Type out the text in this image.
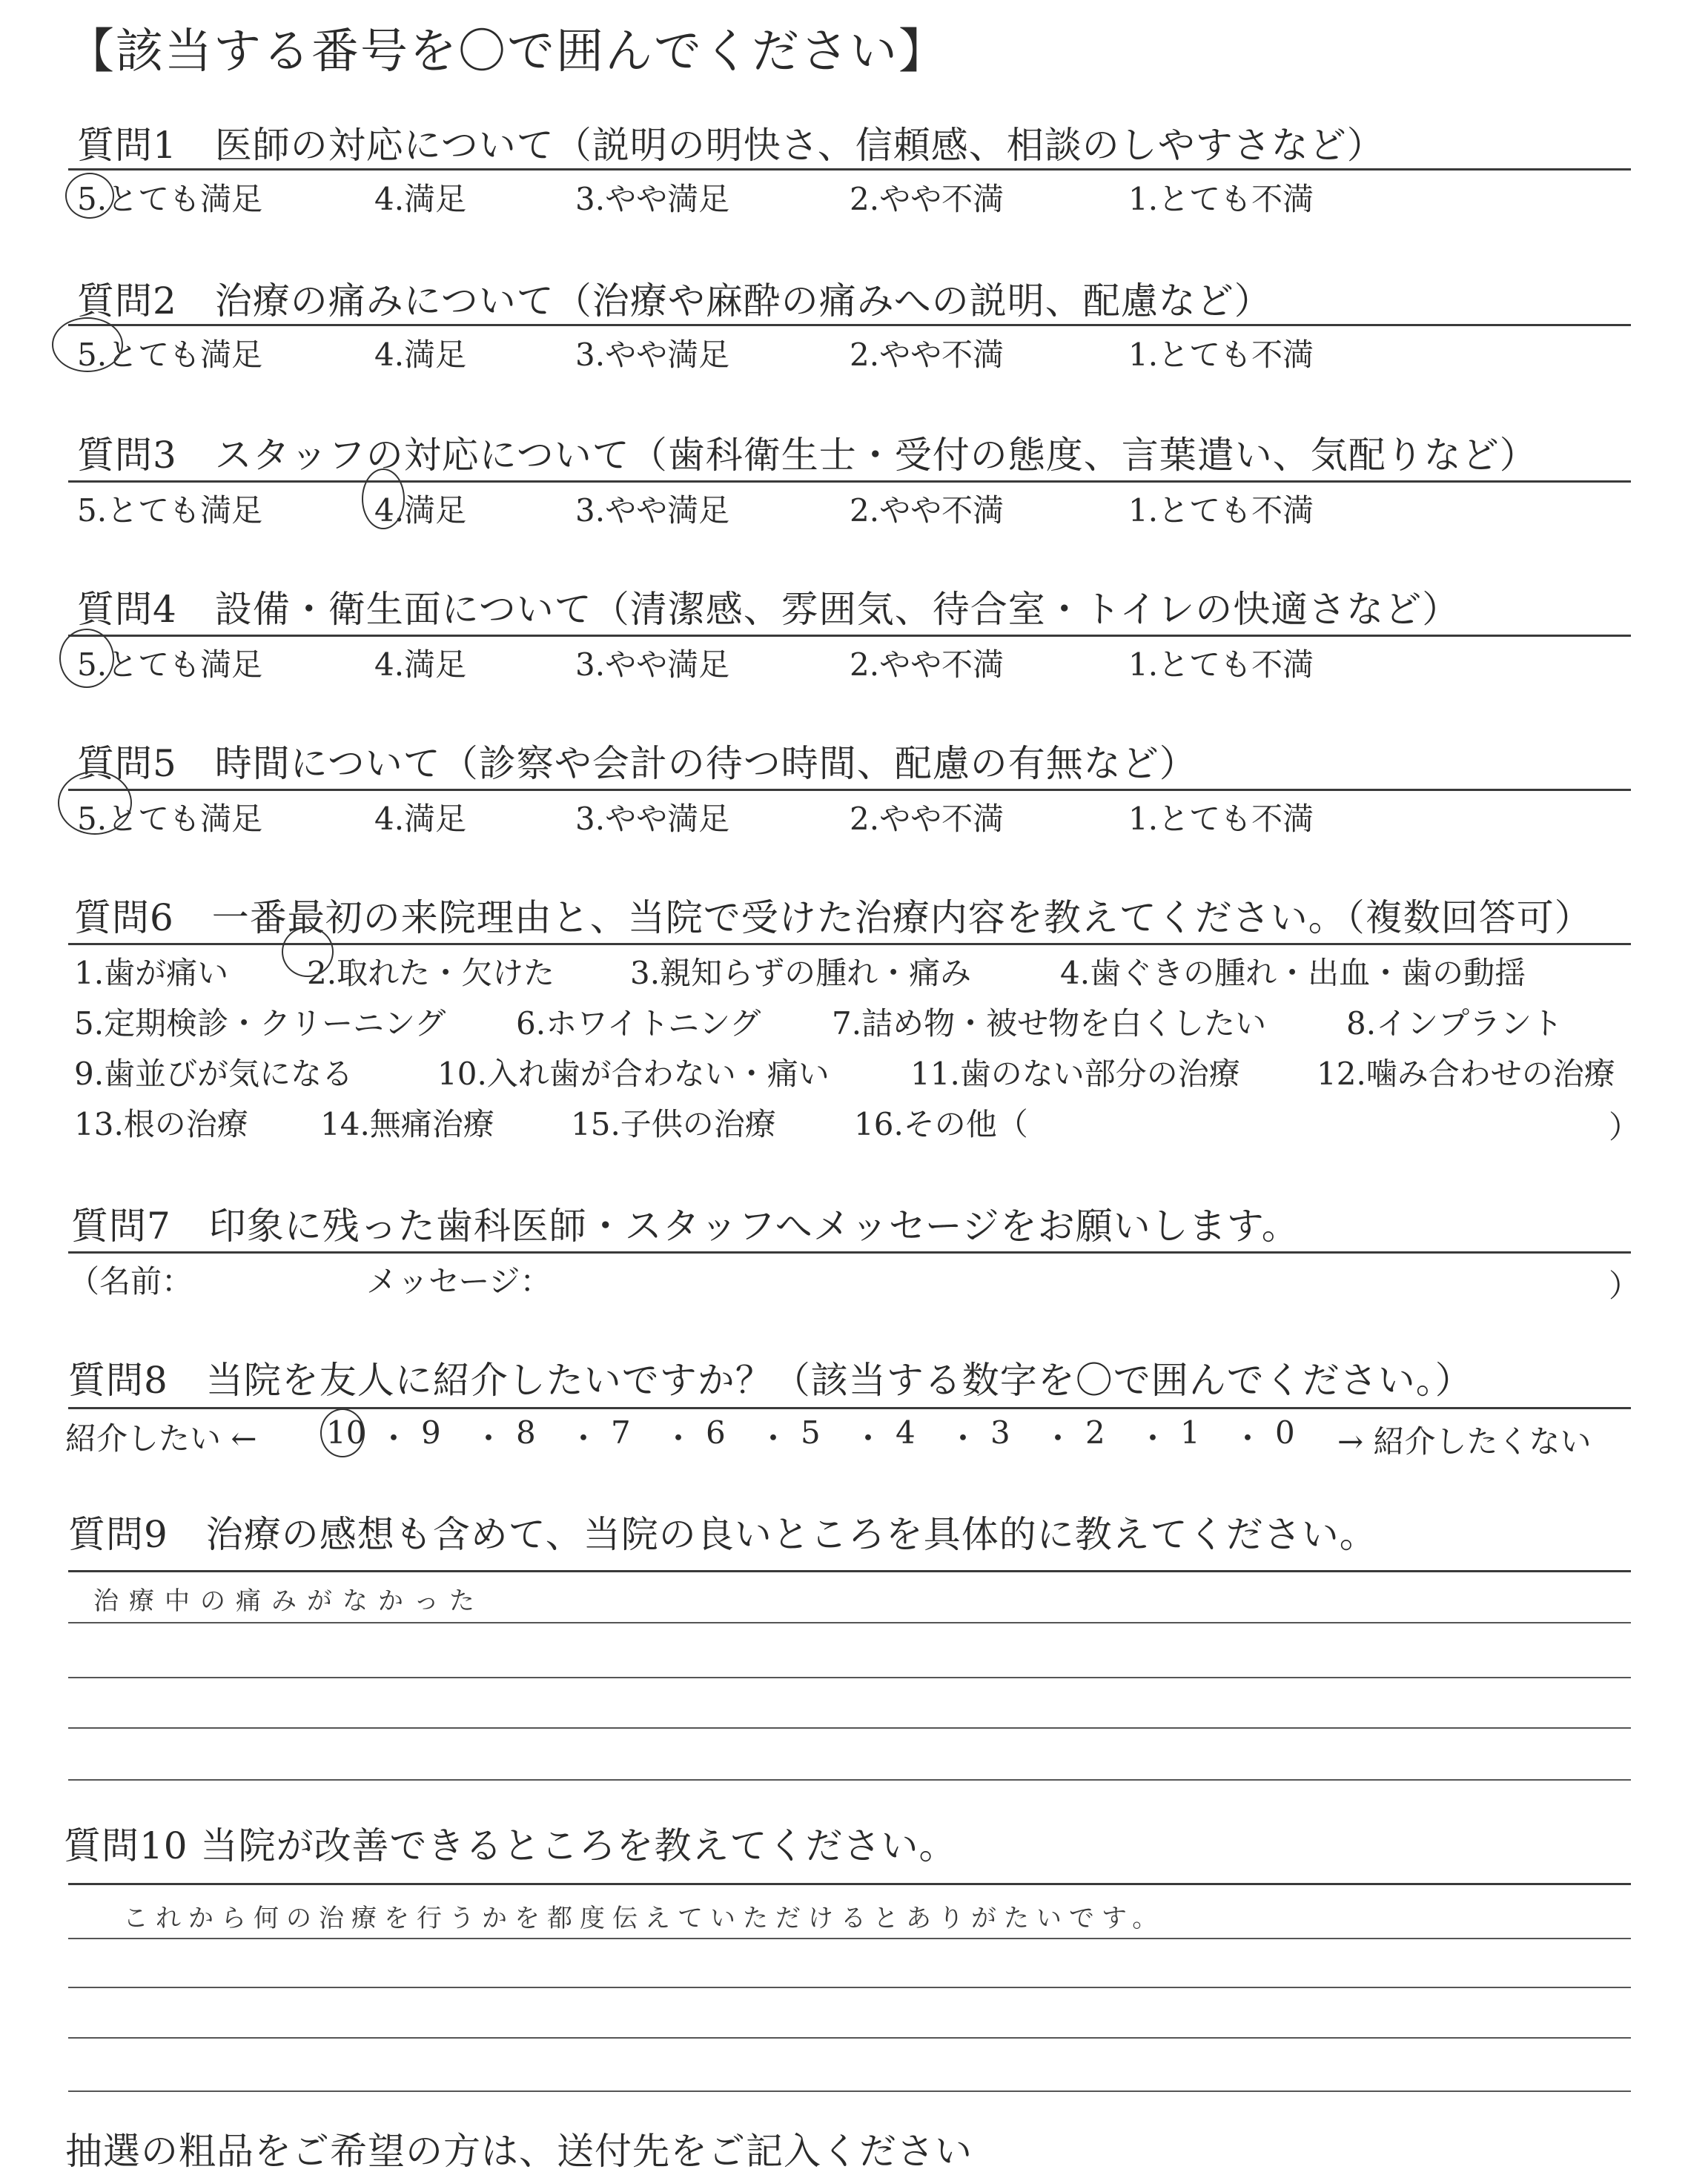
【該当する番号を〇で囲んでください】
質問1　医師の対応について（説明の明快さ、信頼感、相談のしやすさなど）
5.とても満足	4.満足	3.やや満足	2.やや不満	1.とても不満
質問2　治療の痛みについて（治療や麻酔の痛みへの説明、配慮など）
5.とても満足	4.満足	3.やや満足	2.やや不満	1.とても不満
質問3　スタッフの対応について（歯科衛生士・受付の態度、言葉遣い、気配りなど）
5.とても満足	4.満足	3.やや満足	2.やや不満	1.とても不満
質問4　設備・衛生面について（清潔感、雰囲気、待合室・トイレの快適さなど）
5.とても満足	4.満足	3.やや満足	2.やや不満	1.とても不満
質問5　時間について（診察や会計の待つ時間、配慮の有無など）
5.とても満足	4.満足	3.やや満足	2.やや不満	1.とても不満
質問6　一番最初の来院理由と、当院で受けた治療内容を教えてください。（複数回答可）
1.歯が痛い	2.取れた・欠けた 3.親知らずの腫れ・痛み	4.歯ぐきの腫れ・出血・歯の動揺
5.定期検診・クリーニング 6.ホワイトニング 7.詰め物・被せ物を白くしたい	8.インプラント
9.歯並びが気になる	10.入れ歯が合わない・痛い	11.歯のない部分の治療 12.噛み合わせの治療
13.根の治療 14.無痛治療 15.子供の治療	16.その他（	）
質問7　印象に残った歯科医師・スタッフへメッセージをお願いします。
（名前：	メッセージ：	）
質問8　当院を友人に紹介したいですか？（該当する数字を〇で囲んでください。）
紹介したい ←	→ 紹介したくない
10 ・ 9 ・ 8 ・ 7 ・ 6 ・ 5 ・ 4 ・ 3 ・ 2 ・ 1 ・ 0
質問9　治療の感想も含めて、当院の良いところを具体的に教えてください。
治療中の痛みがなかった
質問10 当院が改善できるところを教えてください。
これから何の治療を行うかを都度伝えていただけるとありがたいです。
抽選の粗品をご希望の方は、送付先をご記入ください
